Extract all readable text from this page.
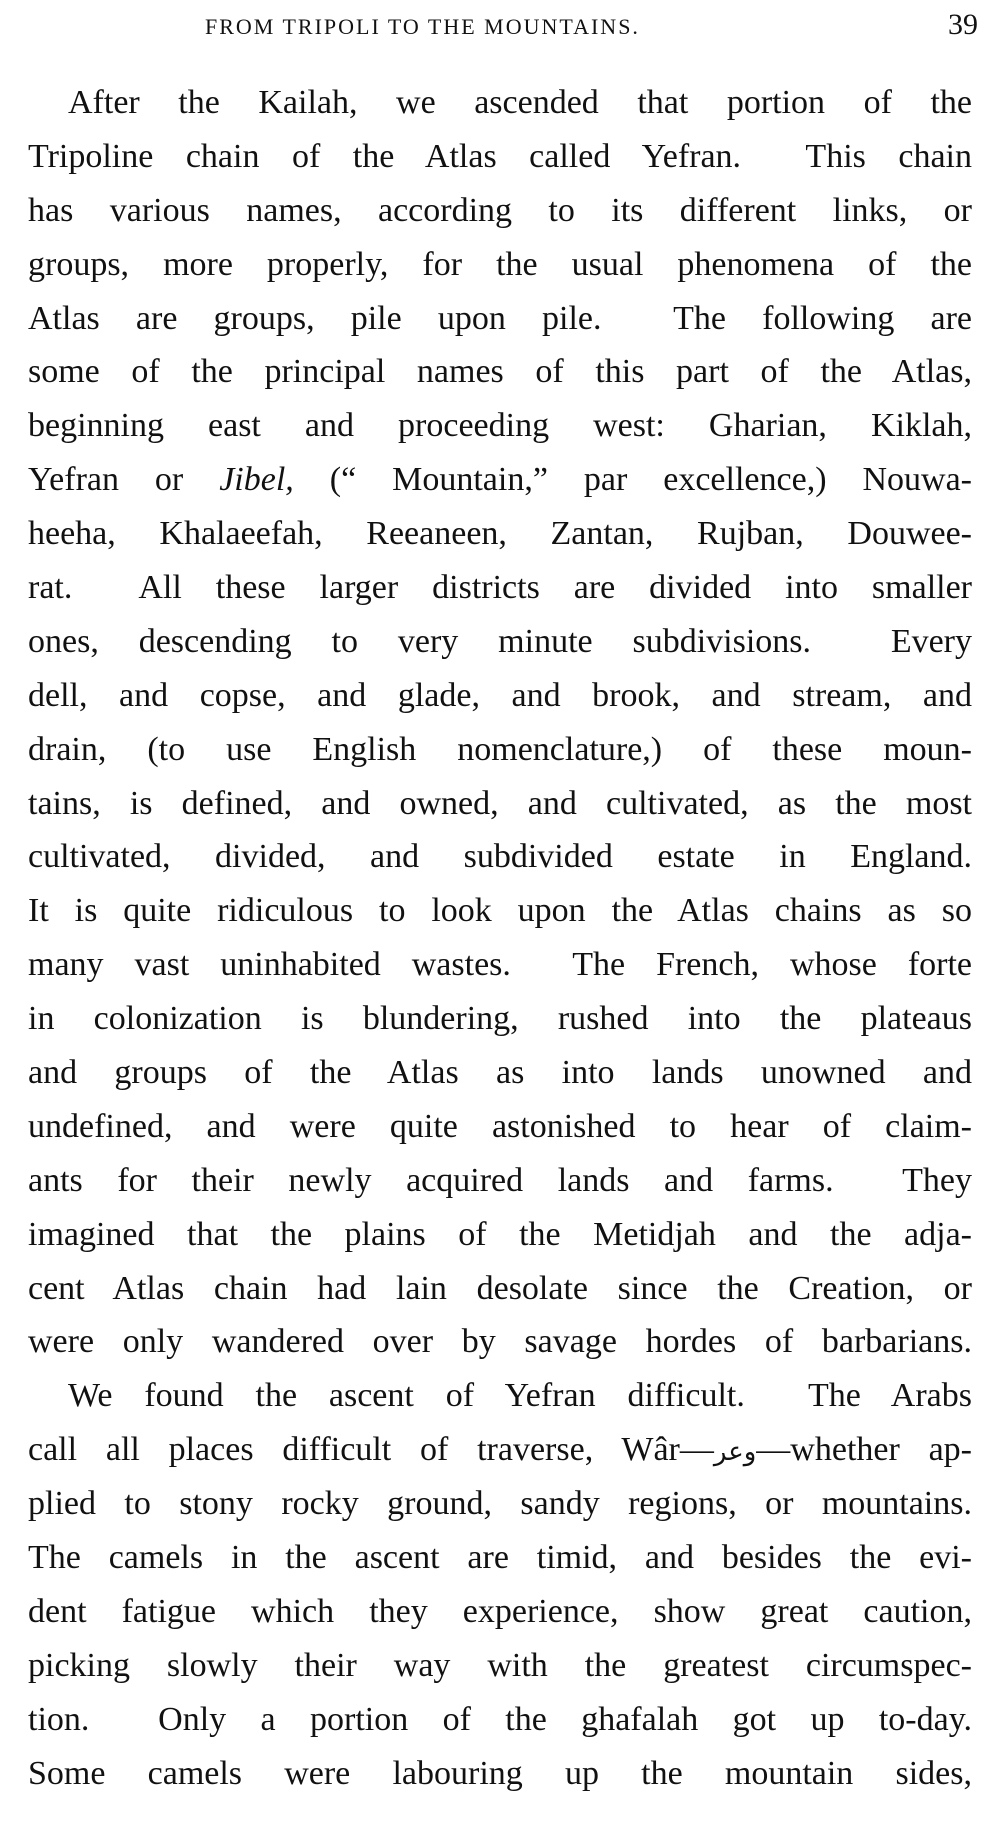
FROM TRIPOLI TO THE MOUNTAINS.	39
After the Kailah, we ascended that portion of the
Tripoline chain of the Atlas called Yefran.  This chain
has various names, according to its different links, or
groups, more properly, for the usual phenomena of the
Atlas are groups, pile upon pile.  The following are
some of the principal names of this part of the Atlas,
beginning east and proceeding west: Gharian, Kiklah,
Yefran or Jibel, (“ Mountain,” par excellence,) Nouwa-
heeha, Khalaeefah, Reeaneen, Zantan, Rujban, Douwee-
rat.  All these larger districts are divided into smaller
ones, descending to very minute subdivisions.  Every
dell, and copse, and glade, and brook, and stream, and
drain, (to use English nomenclature,) of these moun-
tains, is defined, and owned, and cultivated, as the most
cultivated, divided, and subdivided estate in England.
It is quite ridiculous to look upon the Atlas chains as so
many vast uninhabited wastes.  The French, whose forte
in colonization is blundering, rushed into the plateaus
and groups of the Atlas as into lands unowned and
undefined, and were quite astonished to hear of claim-
ants for their newly acquired lands and farms.  They
imagined that the plains of the Metidjah and the adja-
cent Atlas chain had lain desolate since the Creation, or
were only wandered over by savage hordes of barbarians.
We found the ascent of Yefran difficult.  The Arabs
call all places difficult of traverse, Wâr—وعر—whether ap-
plied to stony rocky ground, sandy regions, or mountains.
The camels in the ascent are timid, and besides the evi-
dent fatigue which they experience, show great caution,
picking slowly their way with the greatest circumspec-
tion.  Only a portion of the ghafalah got up to-day.
Some camels were labouring up the mountain sides,
